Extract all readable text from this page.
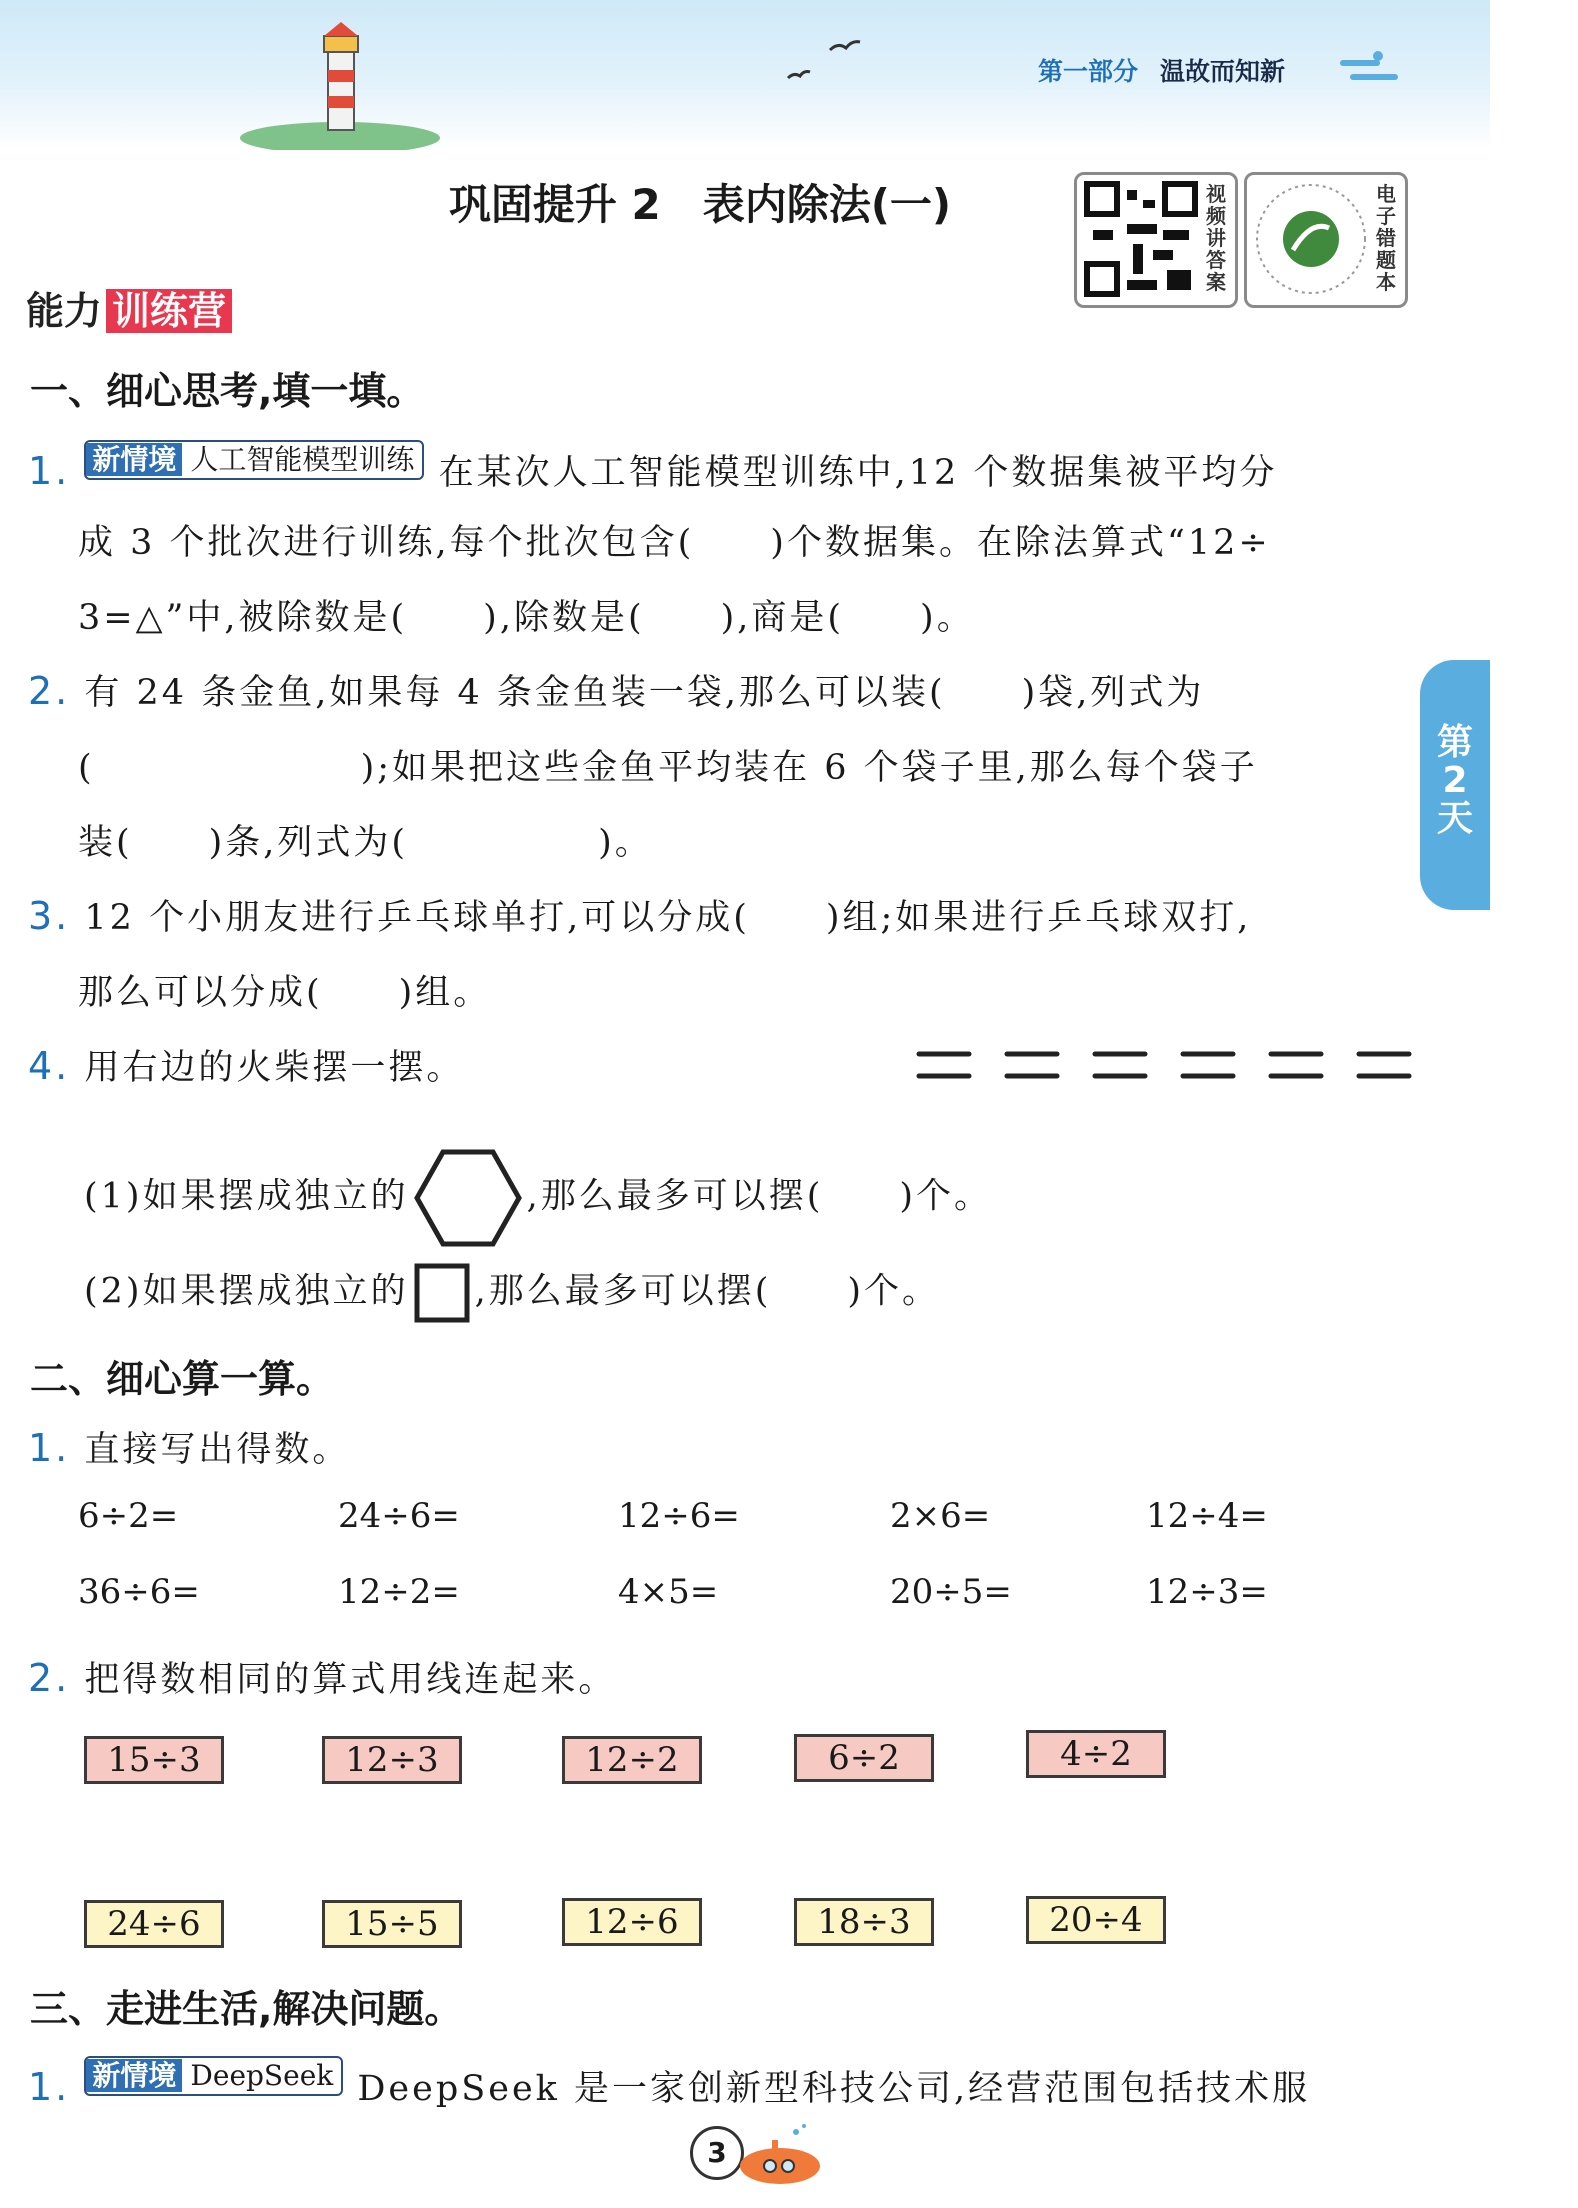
第一部分 温故而知新
巩固提升 2　表内除法(一)	视频讲答案
电子错题本
能力 训练营
第
2
天
一、细心思考,填一填。
1. 新情境 人工智能模型训练 在某次人工智能模型训练中,12 个数据集被平均分
成 3 个批次进行训练,每个批次包含(　　)个数据集。在除法算式“12÷
3=△”中,被除数是(　　),除数是(　　),商是(　　)。
2. 有 24 条金鱼,如果每 4 条金鱼装一袋,那么可以装(　　)袋,列式为
(　　　　　　　);如果把这些金鱼平均装在 6 个袋子里,那么每个袋子
装(　　)条,列式为(　　　　　)。
3. 12 个小朋友进行乒乓球单打,可以分成(　　)组;如果进行乒乓球双打,
那么可以分成(　　)组。
4. 用右边的火柴摆一摆。
(1)如果摆成独立的	,那么最多可以摆(　　)个。
(2)如果摆成独立的 ,那么最多可以摆(　　)个。
二、细心算一算。
1. 直接写出得数。
6÷2=	24÷6=	12÷6=	2×6=	12÷4=
36÷6=	12÷2=	4×5=	20÷5=	12÷3=
2. 把得数相同的算式用线连起来。
15÷3	12÷3	12÷2	6÷2	4÷2
24÷6	15÷5	12÷6	18÷3	20÷4
三、走进生活,解决问题。
1. 新情境 DeepSeek DeepSeek 是一家创新型科技公司,经营范围包括技术服
3
